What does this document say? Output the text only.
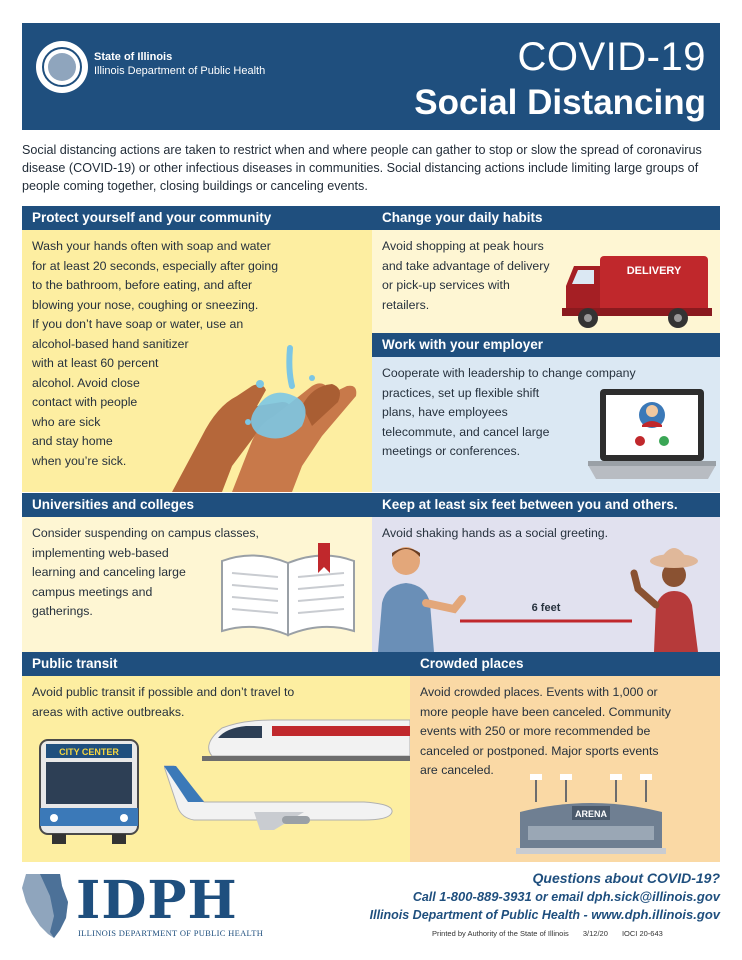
State of Illinois
Illinois Department of Public Health	COVID-19
Social Distancing

Social distancing actions are taken to restrict when and where people can gather to stop or slow the spread of coronavirus disease (COVID-19) or other infectious diseases in communities. Social distancing actions include limiting large groups of people coming together, closing buildings or canceling events.

Protect yourself and your community
Wash your hands often with soap and water
for at least 20 seconds, especially after going
to the bathroom, before eating, and after
blowing your nose, coughing or sneezing.
If you don’t have soap or water, use an
alcohol-based hand sanitizer
with at least 60 percent
alcohol. Avoid close
contact with people
who are sick
and stay home
when you’re sick.
Change your daily habits
Avoid shopping at peak hours
and take advantage of delivery
or pick-up services with
retailers.
DELIVERY
Work with your employer
Cooperate with leadership to change company
practices, set up flexible shift
plans, have employees
telecommute, and cancel large
meetings or conferences.
Universities and colleges
Consider suspending on campus classes,
implementing web-based
learning and canceling large
campus meetings and
gatherings.
Keep at least six feet between you and others.
Avoid shaking hands as a social greeting.
6 feet
Public transit
Avoid public transit if possible and don’t travel to
areas with active outbreaks.
CITY CENTER
Crowded places
Avoid crowded places. Events with 1,000 or
more people have been canceled. Community
events with 250 or more recommended be
canceled or postponed. Major sports events
are canceled.
ARENA
IDPH
ILLINOIS DEPARTMENT OF PUBLIC HEALTH
Questions about COVID-19?
Call 1-800-889-3931 or email dph.sick@illinois.gov
Illinois Department of Public Health - www.dph.illinois.gov
Printed by Authority of the State of Illinois 3/12/20 IOCI 20-643
